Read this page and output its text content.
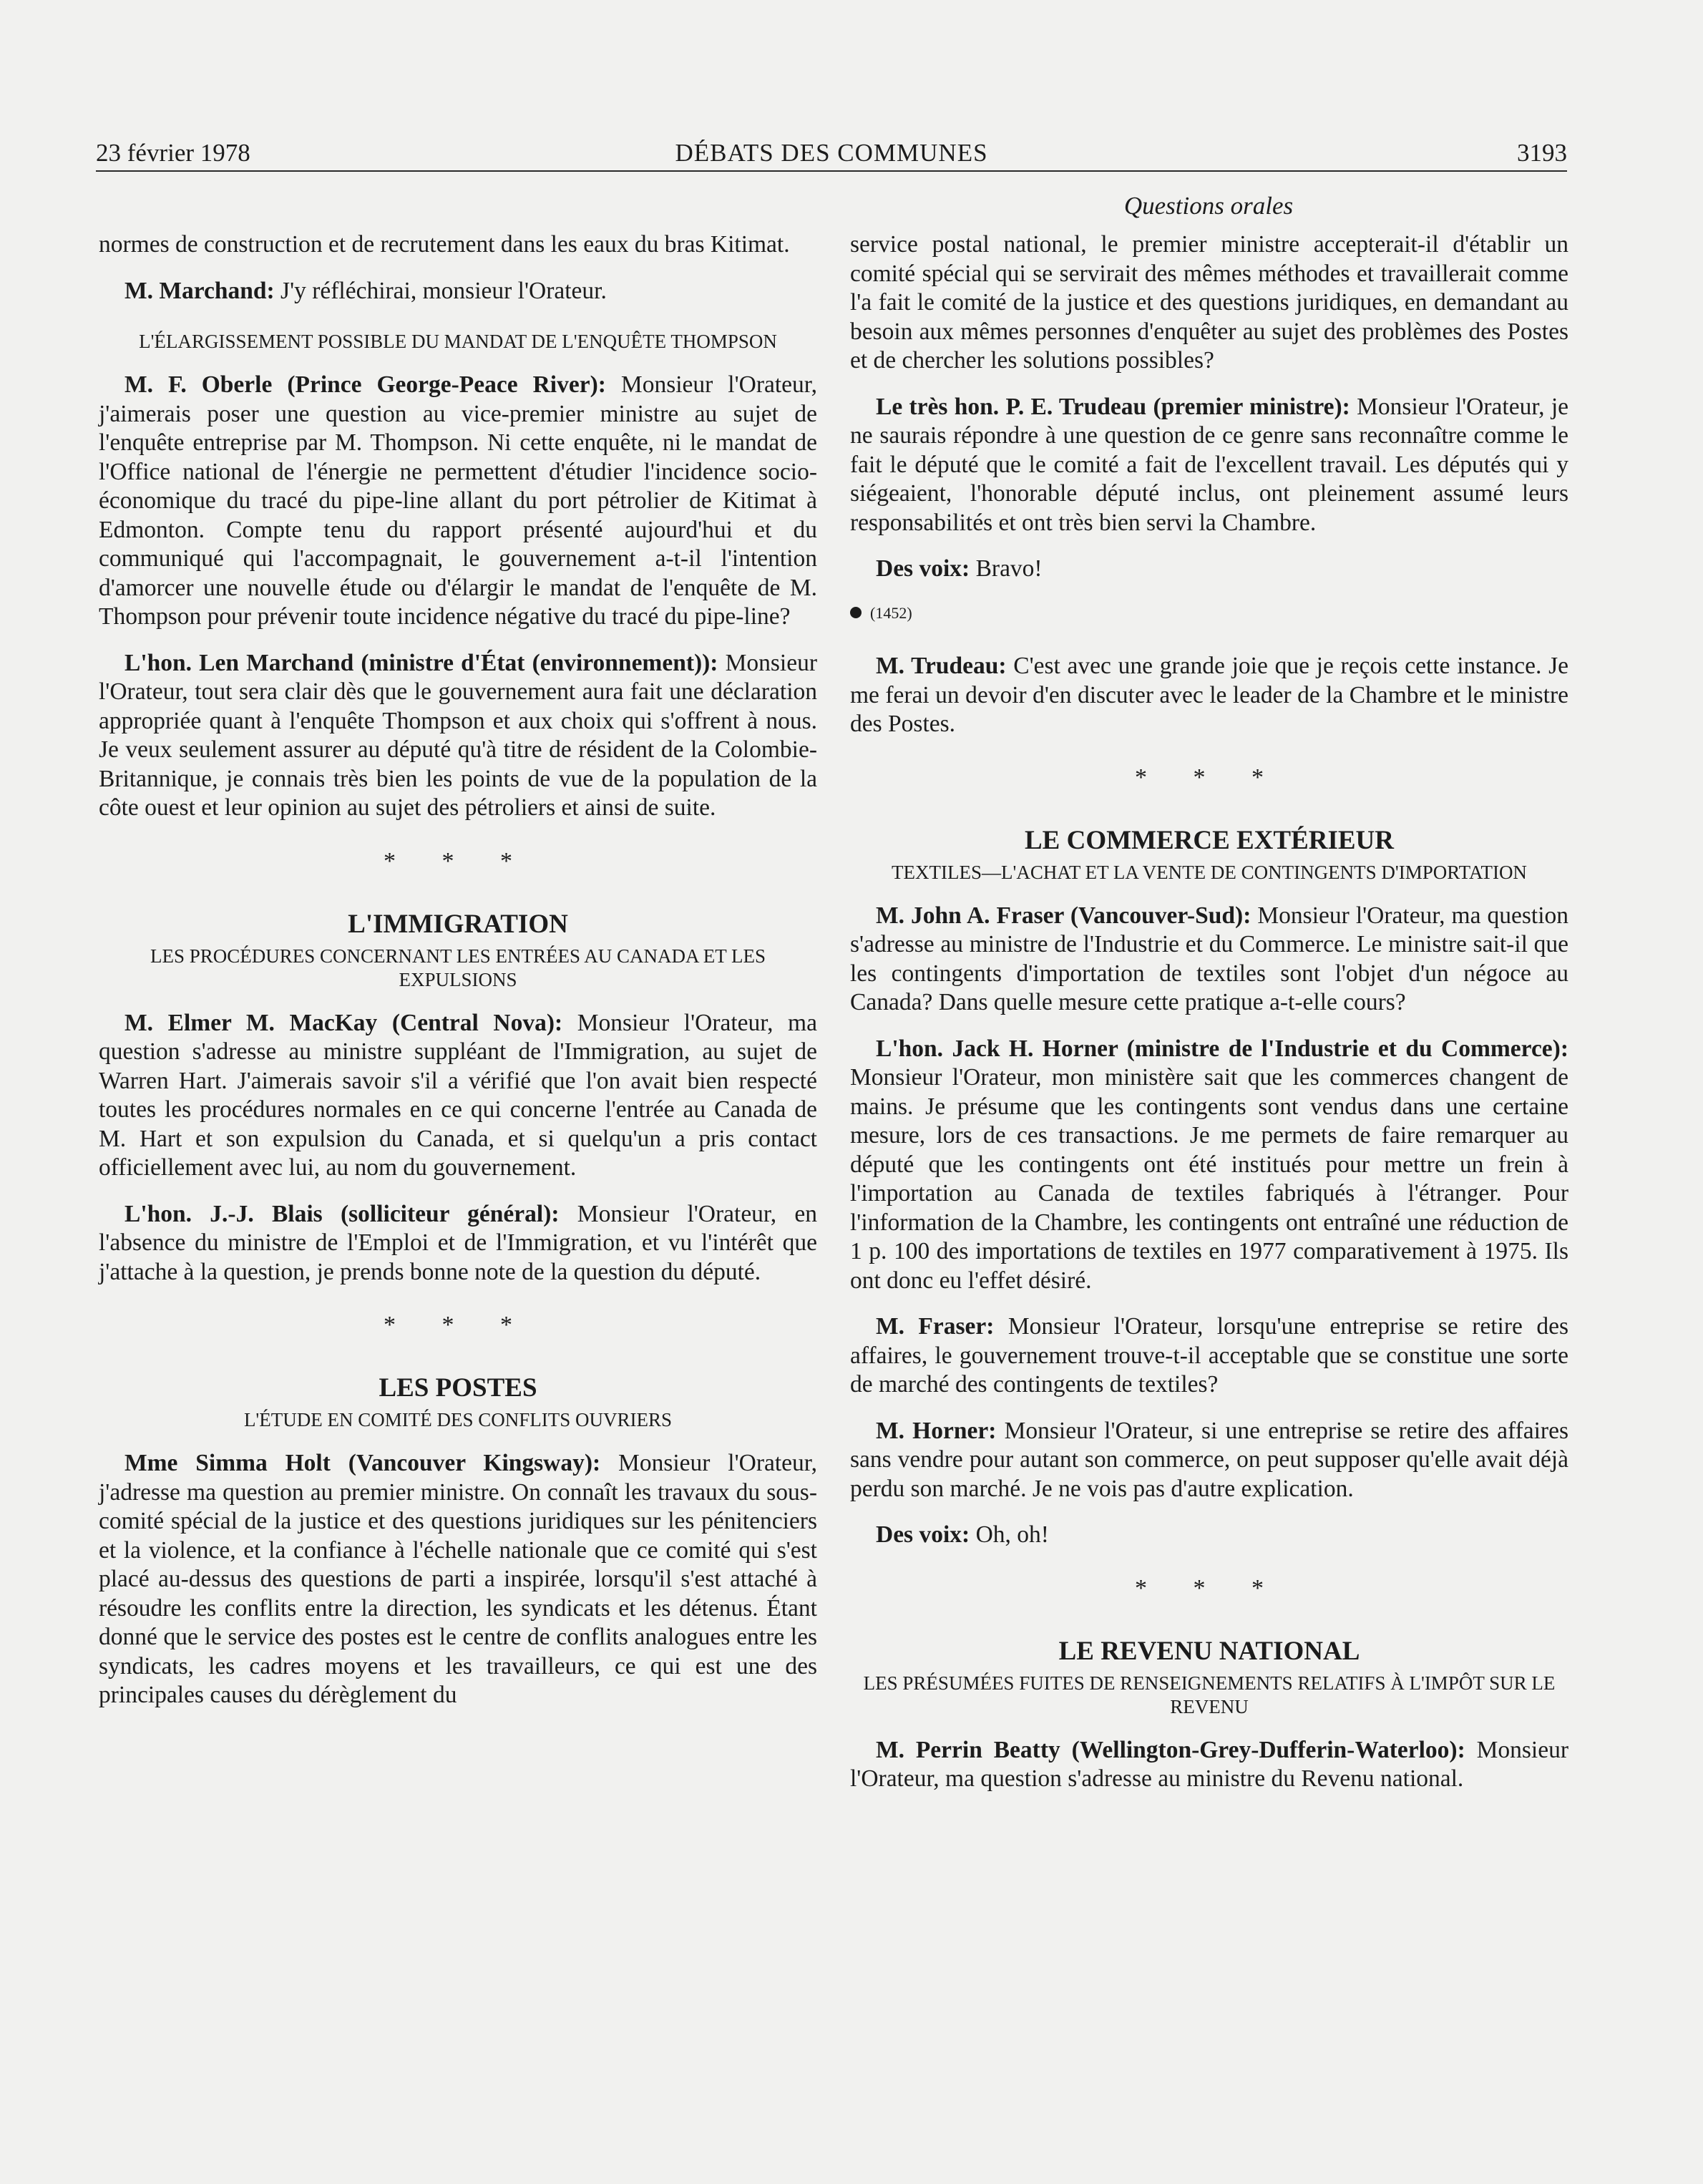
23 février 1978	DÉBATS DES COMMUNES	3193
Questions orales

normes de construction et de recrutement dans les eaux du bras Kitimat.

M. Marchand: J'y réfléchirai, monsieur l'Orateur.

L'ÉLARGISSEMENT POSSIBLE DU MANDAT DE L'ENQUÊTE THOMPSON

M. F. Oberle (Prince George-Peace River): Monsieur l'Orateur, j'aimerais poser une question au vice-premier ministre au sujet de l'enquête entreprise par M. Thompson. Ni cette enquête, ni le mandat de l'Office national de l'énergie ne permettent d'étudier l'incidence socio-économique du tracé du pipe-line allant du port pétrolier de Kitimat à Edmonton. Compte tenu du rapport présenté aujourd'hui et du communiqué qui l'accompagnait, le gouvernement a-t-il l'intention d'amorcer une nouvelle étude ou d'élargir le mandat de l'enquête de M. Thompson pour prévenir toute incidence négative du tracé du pipe-line?

L'hon. Len Marchand (ministre d'État (environnement)): Monsieur l'Orateur, tout sera clair dès que le gouvernement aura fait une déclaration appropriée quant à l'enquête Thompson et aux choix qui s'offrent à nous. Je veux seulement assurer au député qu'à titre de résident de la Colombie-Britannique, je connais très bien les points de vue de la population de la côte ouest et leur opinion au sujet des pétroliers et ainsi de suite.

* * *
L'IMMIGRATION
LES PROCÉDURES CONCERNANT LES ENTRÉES AU CANADA ET LES EXPULSIONS

M. Elmer M. MacKay (Central Nova): Monsieur l'Orateur, ma question s'adresse au ministre suppléant de l'Immigration, au sujet de Warren Hart. J'aimerais savoir s'il a vérifié que l'on avait bien respecté toutes les procédures normales en ce qui concerne l'entrée au Canada de M. Hart et son expulsion du Canada, et si quelqu'un a pris contact officiellement avec lui, au nom du gouvernement.

L'hon. J.-J. Blais (solliciteur général): Monsieur l'Orateur, en l'absence du ministre de l'Emploi et de l'Immigration, et vu l'intérêt que j'attache à la question, je prends bonne note de la question du député.

* * *
LES POSTES
L'ÉTUDE EN COMITÉ DES CONFLITS OUVRIERS

Mme Simma Holt (Vancouver Kingsway): Monsieur l'Orateur, j'adresse ma question au premier ministre. On connaît les travaux du sous-comité spécial de la justice et des questions juridiques sur les pénitenciers et la violence, et la confiance à l'échelle nationale que ce comité qui s'est placé au-dessus des questions de parti a inspirée, lorsqu'il s'est attaché à résoudre les conflits entre la direction, les syndicats et les détenus. Étant donné que le service des postes est le centre de conflits analogues entre les syndicats, les cadres moyens et les travailleurs, ce qui est une des principales causes du dérèglement du

service postal national, le premier ministre accepterait-il d'établir un comité spécial qui se servirait des mêmes méthodes et travaillerait comme l'a fait le comité de la justice et des questions juridiques, en demandant au besoin aux mêmes personnes d'enquêter au sujet des problèmes des Postes et de chercher les solutions possibles?

Le très hon. P. E. Trudeau (premier ministre): Monsieur l'Orateur, je ne saurais répondre à une question de ce genre sans reconnaître comme le fait le député que le comité a fait de l'excellent travail. Les députés qui y siégeaient, l'honorable député inclus, ont pleinement assumé leurs responsabilités et ont très bien servi la Chambre.

Des voix: Bravo!

(1452)

M. Trudeau: C'est avec une grande joie que je reçois cette instance. Je me ferai un devoir d'en discuter avec le leader de la Chambre et le ministre des Postes.

* * *
LE COMMERCE EXTÉRIEUR
TEXTILES—L'ACHAT ET LA VENTE DE CONTINGENTS D'IMPORTATION

M. John A. Fraser (Vancouver-Sud): Monsieur l'Orateur, ma question s'adresse au ministre de l'Industrie et du Commerce. Le ministre sait-il que les contingents d'importation de textiles sont l'objet d'un négoce au Canada? Dans quelle mesure cette pratique a-t-elle cours?

L'hon. Jack H. Horner (ministre de l'Industrie et du Commerce): Monsieur l'Orateur, mon ministère sait que les commerces changent de mains. Je présume que les contingents sont vendus dans une certaine mesure, lors de ces transactions. Je me permets de faire remarquer au député que les contingents ont été institués pour mettre un frein à l'importation au Canada de textiles fabriqués à l'étranger. Pour l'information de la Chambre, les contingents ont entraîné une réduction de 1 p. 100 des importations de textiles en 1977 comparativement à 1975. Ils ont donc eu l'effet désiré.

M. Fraser: Monsieur l'Orateur, lorsqu'une entreprise se retire des affaires, le gouvernement trouve-t-il acceptable que se constitue une sorte de marché des contingents de textiles?

M. Horner: Monsieur l'Orateur, si une entreprise se retire des affaires sans vendre pour autant son commerce, on peut supposer qu'elle avait déjà perdu son marché. Je ne vois pas d'autre explication.

Des voix: Oh, oh!

* * *
LE REVENU NATIONAL
LES PRÉSUMÉES FUITES DE RENSEIGNEMENTS RELATIFS À L'IMPÔT SUR LE REVENU

M. Perrin Beatty (Wellington-Grey-Dufferin-Waterloo): Monsieur l'Orateur, ma question s'adresse au ministre du Revenu national.
